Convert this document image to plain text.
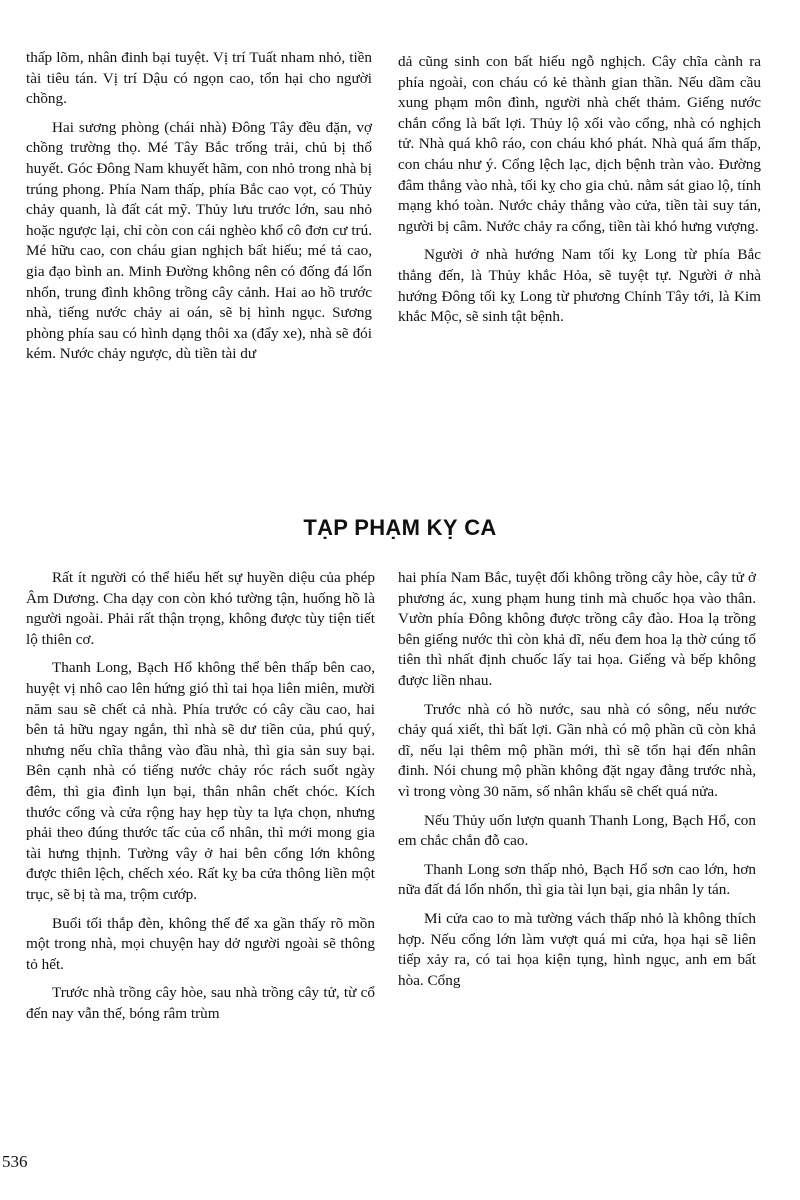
thấp lõm, nhân đinh bại tuyệt. Vị trí Tuất nham nhỏ, tiền tài tiêu tán. Vị trí Dậu có ngọn cao, tổn hại cho người chồng.

Hai sương phòng (chái nhà) Đông Tây đều đặn, vợ chồng trường thọ. Mé Tây Bắc trống trải, chủ bị thổ huyết. Góc Đông Nam khuyết hãm, con nhỏ trong nhà bị trúng phong. Phía Nam thấp, phía Bắc cao vọt, có Thủy chảy quanh, là đất cát mỹ. Thủy lưu trước lớn, sau nhỏ hoặc ngược lại, chỉ còn con cái nghèo khổ cô đơn cư trú. Mé hữu cao, con cháu gian nghịch bất hiếu; mé tả cao, gia đạo bình an. Minh Đường không nên có đống đá lổn nhổn, trung đình không trồng cây cảnh. Hai ao hồ trước nhà, tiếng nước chảy ai oán, sẽ bị hình ngục. Sương phòng phía sau có hình dạng thôi xa (đẩy xe), nhà sẽ đói kém. Nước chảy ngược, dù tiền tài dư

dả cũng sinh con bất hiếu ngỗ nghịch. Cây chĩa cành ra phía ngoài, con cháu có kẻ thành gian thần. Nếu dầm cầu xung phạm môn đình, người nhà chết thảm. Giếng nước chắn cổng là bất lợi. Thủy lộ xối vào cổng, nhà có nghịch tử. Nhà quá khô ráo, con cháu khó phát. Nhà quá ẩm thấp, con cháu như ý. Cổng lệch lạc, dịch bệnh tràn vào. Đường đâm thẳng vào nhà, tối kỵ cho gia chủ. nằm sát giao lộ, tính mạng khó toàn. Nước chảy thẳng vào cửa, tiền tài suy tán, người bị câm. Nước chảy ra cổng, tiền tài khó hưng vượng.

Người ở nhà hướng Nam tối kỵ Long từ phía Bắc thẳng đến, là Thủy khắc Hỏa, sẽ tuyệt tự. Người ở nhà hướng Đông tối kỵ Long từ phương Chính Tây tới, là Kim khắc Mộc, sẽ sinh tật bệnh.

TẠP PHẠM KỴ CA

Rất ít người có thể hiểu hết sự huyền diệu của phép Âm Dương. Cha dạy con còn khó tường tận, huống hồ là người ngoài. Phải rất thận trọng, không được tùy tiện tiết lộ thiên cơ.

Thanh Long, Bạch Hổ không thể bên thấp bên cao, huyệt vị nhô cao lên hứng gió thì tai họa liên miên, mười năm sau sẽ chết cả nhà. Phía trước có cây cầu cao, hai bên tả hữu ngay ngắn, thì nhà sẽ dư tiền của, phú quý, nhưng nếu chĩa thẳng vào đầu nhà, thì gia sản suy bại. Bên cạnh nhà có tiếng nước chảy róc rách suốt ngày đêm, thì gia đình lụn bại, thân nhân chết chóc. Kích thước cổng và cửa rộng hay hẹp tùy ta lựa chọn, nhưng phải theo đúng thước tấc của cổ nhân, thì mới mong gia tài hưng thịnh. Tường vây ở hai bên cổng lớn không được thiên lệch, chếch xéo. Rất kỵ ba cửa thông liền một trục, sẽ bị tà ma, trộm cướp.

Buổi tối thắp đèn, không thể để xa gần thấy rõ mồn một trong nhà, mọi chuyện hay dở người ngoài sẽ thông tỏ hết.

Trước nhà trồng cây hòe, sau nhà trồng cây tử, từ cổ đến nay vẫn thế, bóng râm trùm

hai phía Nam Bắc, tuyệt đối không trồng cây hòe, cây tử ở phương ác, xung phạm hung tinh mà chuốc họa vào thân. Vườn phía Đông không được trồng cây đào. Hoa lạ trồng bên giếng nước thì còn khả dĩ, nếu đem hoa lạ thờ cúng tổ tiên thì nhất định chuốc lấy tai họa. Giếng và bếp không được liền nhau.

Trước nhà có hồ nước, sau nhà có sông, nếu nước chảy quá xiết, thì bất lợi. Gần nhà có mộ phần cũ còn khả dĩ, nếu lại thêm mộ phần mới, thì sẽ tổn hại đến nhân đinh. Nói chung mộ phần không đặt ngay đằng trước nhà, vì trong vòng 30 năm, số nhân khẩu sẽ chết quá nửa.

Nếu Thủy uốn lượn quanh Thanh Long, Bạch Hổ, con em chắc chắn đỗ cao.

Thanh Long sơn thấp nhỏ, Bạch Hổ sơn cao lớn, hơn nữa đất đá lổn nhổn, thì gia tài lụn bại, gia nhân ly tán.

Mi cửa cao to mà tường vách thấp nhỏ là không thích hợp. Nếu cổng lớn làm vượt quá mi cửa, họa hại sẽ liên tiếp xảy ra, có tai họa kiện tụng, hình ngục, anh em bất hòa. Cổng

536
